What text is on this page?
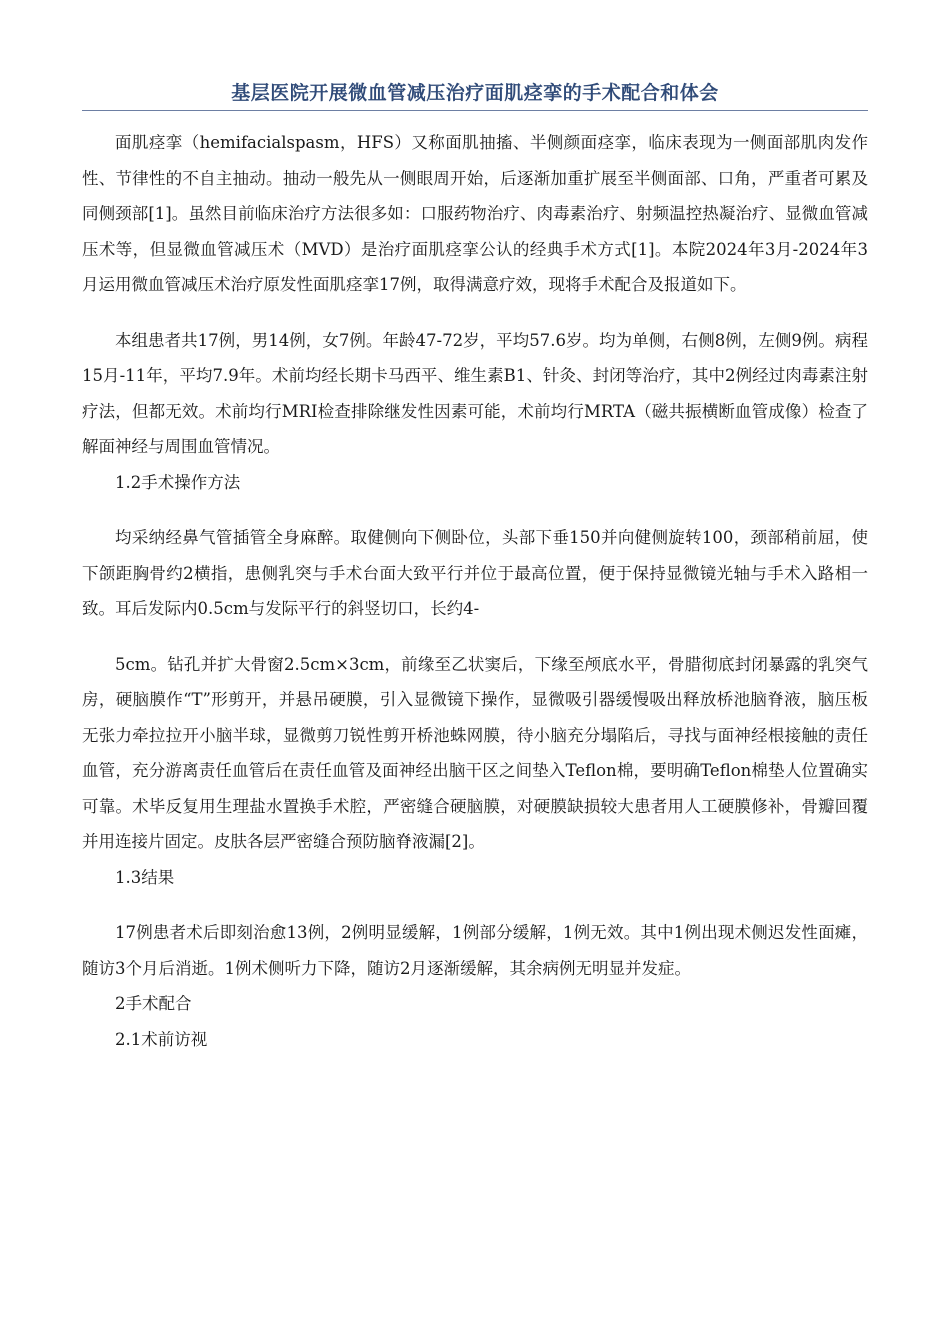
基层医院开展微血管减压治疗面肌痉挛的手术配合和体会

面肌痉挛（hemifacialspasm，HFS）又称面肌抽搐、半侧颜面痉挛，临床表现为一侧面部肌肉发作性、节律性的不自主抽动。抽动一般先从一侧眼周开始，后逐渐加重扩展至半侧面部、口角，严重者可累及同侧颈部[1]。虽然目前临床治疗方法很多如：口服药物治疗、肉毒素治疗、射频温控热凝治疗、显微血管减压术等，但显微血管减压术（MVD）是治疗面肌痉挛公认的经典手术方式[1]。本院2024年3月-2024年3月运用微血管减压术治疗原发性面肌痉挛17例，取得满意疗效，现将手术配合及报道如下。

本组患者共17例，男14例，女7例。年龄47-72岁，平均57.6岁。均为单侧，右侧8例，左侧9例。病程15月-11年，平均7.9年。术前均经长期卡马西平、维生素B1、针灸、封闭等治疗，其中2例经过肉毒素注射疗法，但都无效。术前均行MRI检查排除继发性因素可能，术前均行MRTA（磁共振横断血管成像）检查了解面神经与周围血管情况。

1.2手术操作方法

均采纳经鼻气管插管全身麻醉。取健侧向下侧卧位，头部下垂150并向健侧旋转100，颈部稍前屈，使下颌距胸骨约2横指，患侧乳突与手术台面大致平行并位于最高位置，便于保持显微镜光轴与手术入路相一致。耳后发际内0.5cm与发际平行的斜竖切口，长约4-

5cm。钻孔并扩大骨窗2.5cm×3cm，前缘至乙状窦后，下缘至颅底水平，骨腊彻底封闭暴露的乳突气房，硬脑膜作“T”形剪开，并悬吊硬膜，引入显微镜下操作，显微吸引器缓慢吸出释放桥池脑脊液，脑压板无张力牵拉拉开小脑半球，显微剪刀锐性剪开桥池蛛网膜，待小脑充分塌陷后，寻找与面神经根接触的责任血管，充分游离责任血管后在责任血管及面神经出脑干区之间垫入Teflon棉，要明确Teflon棉垫人位置确实可靠。术毕反复用生理盐水置换手术腔，严密缝合硬脑膜，对硬膜缺损较大患者用人工硬膜修补，骨瓣回覆并用连接片固定。皮肤各层严密缝合预防脑脊液漏[2]。

1.3结果

17例患者术后即刻治愈13例，2例明显缓解，1例部分缓解，1例无效。其中1例出现术侧迟发性面瘫，随访3个月后消逝。1例术侧听力下降，随访2月逐渐缓解，其余病例无明显并发症。

2手术配合

2.1术前访视
